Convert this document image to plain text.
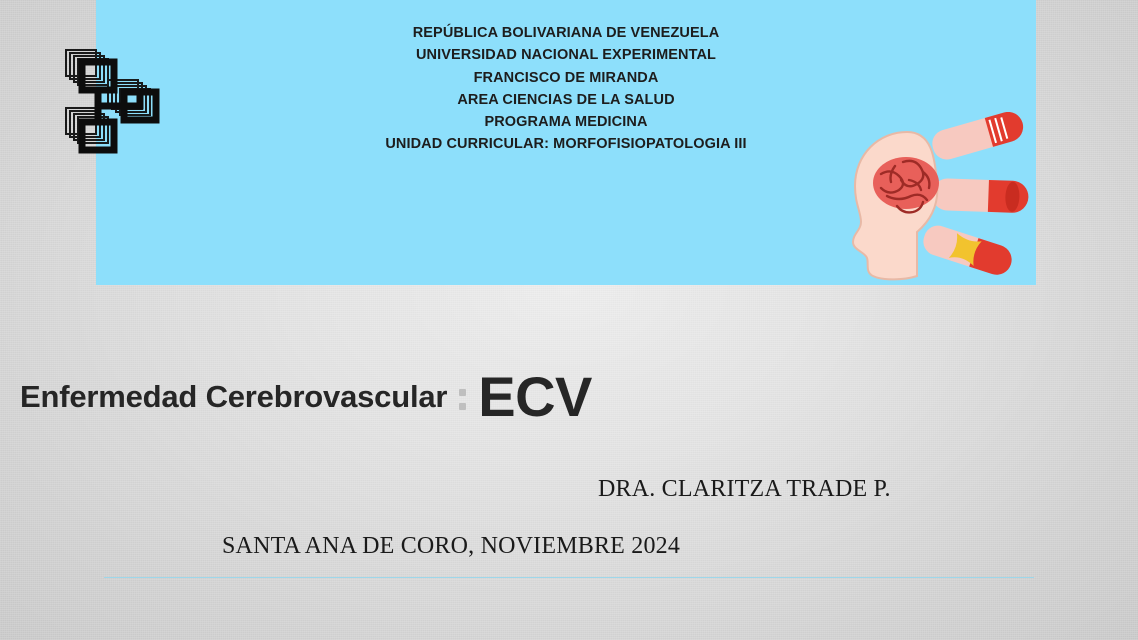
REPÚBLICA BOLIVARIANA DE VENEZUELA
UNIVERSIDAD NACIONAL EXPERIMENTAL
FRANCISCO DE MIRANDA
AREA CIENCIAS DE LA SALUD
PROGRAMA MEDICINA
UNIDAD CURRICULAR: MORFOFISIOPATOLOGIA III
Enfermedad Cerebrovascular ECV
DRA. CLARITZA TRADE P.
SANTA ANA DE CORO, NOVIEMBRE 2024
